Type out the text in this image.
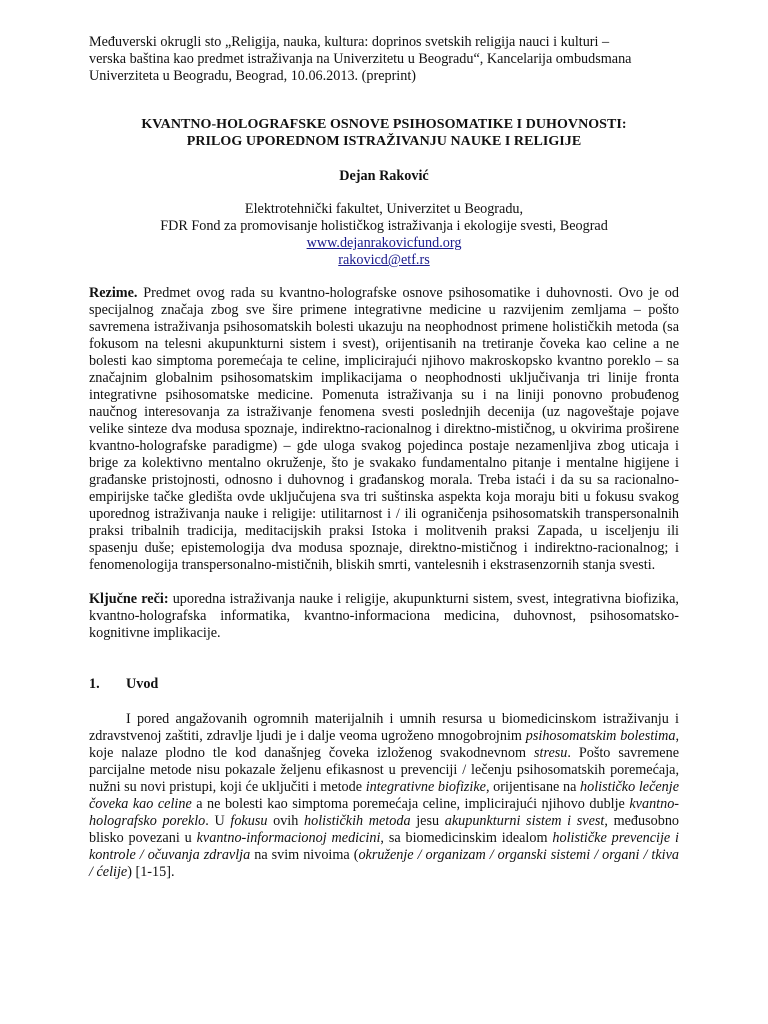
Međuverski okrugli sto „Religija, nauka, kultura: doprinos svetskih religija nauci i kulturi –

verska baština kao predmet istraživanja na Univerzitetu u Beogradu“, Kancelarija ombudsmana

Univerziteta u Beogradu, Beograd, 10.06.2013. (preprint)

KVANTNO-HOLOGRAFSKE OSNOVE PSIHOSOMATIKE I DUHOVNOSTI:

PRILOG UPOREDNOM ISTRAŽIVANJU NAUKE I RELIGIJE

Dejan Raković

Elektrotehnički fakultet, Univerzitet u Beogradu,

FDR Fond za promovisanje holističkog istraživanja i ekologije svesti, Beograd

www.dejanrakovicfund.org

rakovicd@etf.rs

Rezime. Predmet ovog rada su kvantno-holografske osnove psihosomatike i duhovnosti. Ovo je od specijalnog značaja zbog sve šire primene integrativne medicine u razvijenim zemljama – pošto savremena istraživanja psihosomatskih bolesti ukazuju na neophodnost primene holističkih metoda (sa fokusom na telesni akupunkturni sistem i svest), orijentisanih na tretiranje čoveka kao celine a ne bolesti kao simptoma poremećaja te celine, implicirajući njihovo makroskopsko kvantno poreklo – sa značajnim globalnim psihosomatskim implikacijama o neophodnosti uključivanja tri linije fronta integrativne psihosomatske medicine. Pomenuta istraživanja su i na liniji ponovno probuđenog naučnog interesovanja za istraživanje fenomena svesti poslednjih decenija (uz nagoveštaje pojave velike sinteze dva modusa spoznaje, indirektno-racionalnog i direktno-mističnog, u okvirima proširene kvantno-holografske paradigme) – gde uloga svakog pojedinca postaje nezamenljiva zbog uticaja i brige za kolektivno mentalno okruženje, što je svakako fundamentalno pitanje i mentalne higijene i građanske pristojnosti, odnosno i duhovnog i građanskog morala. Treba istaći i da su sa racionalno-empirijske tačke gledišta ovde uključujena sva tri suštinska aspekta koja moraju biti u fokusu svakog uporednog istraživanja nauke i religije: utilitarnost i / ili ograničenja psihosomatskih transpersonalnih praksi tribalnih tradicija, meditacijskih praksi Istoka i molitvenih praksi Zapada, u isceljenju ili spasenju duše; epistemologija dva modusa spoznaje, direktno-mističnog i indirektno-racionalnog; i fenomenologija transpersonalno-mističnih, bliskih smrti, vantelesnih i ekstrasenzornih stanja svesti.

Ključne reči: uporedna istraživanja nauke i religije, akupunkturni sistem, svest, integrativna biofizika, kvantno-holografska informatika, kvantno-informaciona medicina, duhovnost, psihosomatsko-kognitivne implikacije.

1.	Uvod

I pored angažovanih ogromnih materijalnih i umnih resursa u biomedicinskom istraživanju i zdravstvenoj zaštiti, zdravlje ljudi je i dalje veoma ugroženo mnogobrojnim psihosomatskim bolestima, koje nalaze plodno tle kod današnjeg čoveka izloženog svakodnevnom stresu. Pošto savremene parcijalne metode nisu pokazale željenu efikasnost u prevenciji / lečenju psihosomatskih poremećaja, nužni su novi pristupi, koji će uključiti i metode integrativne biofizike, orijentisane na holističko lečenje čoveka kao celine a ne bolesti kao simptoma poremećaja celine, implicirajući njihovo dublje kvantno-holografsko poreklo. U fokusu ovih holističkih metoda jesu akupunkturni sistem i svest, međusobno blisko povezani u kvantno-informacionoj medicini, sa biomedicinskim idealom holističke prevencije i kontrole / očuvanja zdravlja na svim nivoima (okruženje / organizam / organski sistemi / organi / tkiva / ćelije) [1-15].
